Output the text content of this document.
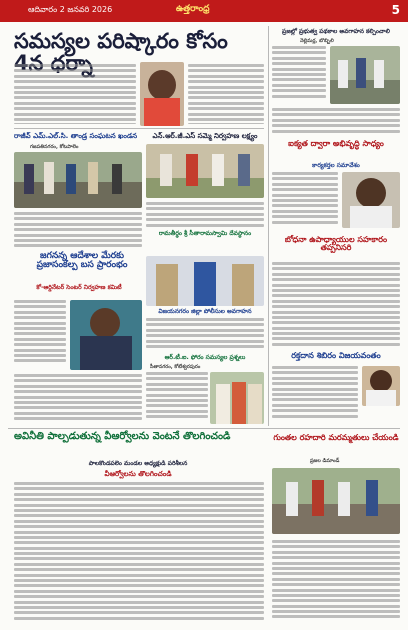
ఆదివారం 2 జనవరి 2026	ఉత్తరాంధ్ర	5
సమస్యల పరిష్కారం కోసం
రాజీవ్ ఎమ్.ఎల్.సి. తాండ్ర సంఘటన ఖండన
గజపతినగరం, కోటపాలెం
జగనన్న ఆదేశాల మేరకు ప్రజాసంకల్ప బస ప్రారంభం
కో-ఆర్డినేటర్ సెంటర్ నిర్వహణ కమిటీ
ఎన్.ఆర్.జీ.ఎస్ సమ్మె నిర్వహణ లక్ష్యం
రామతీర్థం శ్రీ సీతారామస్వామి దేవస్థానం
విజయనగరం జిల్లా పోలీసుల అవగాహన
ఆర్.టీ.ఐ. ఫోరం సమస్యల ప్రశ్నలు
సీతానగరం, కోటేశ్వరపురం
ప్రజల్లో ప్రభుత్వ పథకాల అవగాహన కల్పించాలి
నెల్లిమర్ల, బొబ్బిలి
ఐక్యత ద్వారా అభివృద్ధి సాధ్యం
కార్యకర్తల సమావేశం
బోధనా ఉపాధ్యాయుల సహకారం తప్పనిసరి
రక్తదాన శిబిరం విజయవంతం
అవినీతి పాల్పడుతున్న వీఆర్వోలను వెంటనే తొలగించండి
పాలకొండపలెం మండల అధ్యక్షుడి పరిశీలన
వీఆర్వోలను తొలగించండి
గుంతల రహదారి మరమ్మతులు చేయండి
ప్రజల డిమాండ్
